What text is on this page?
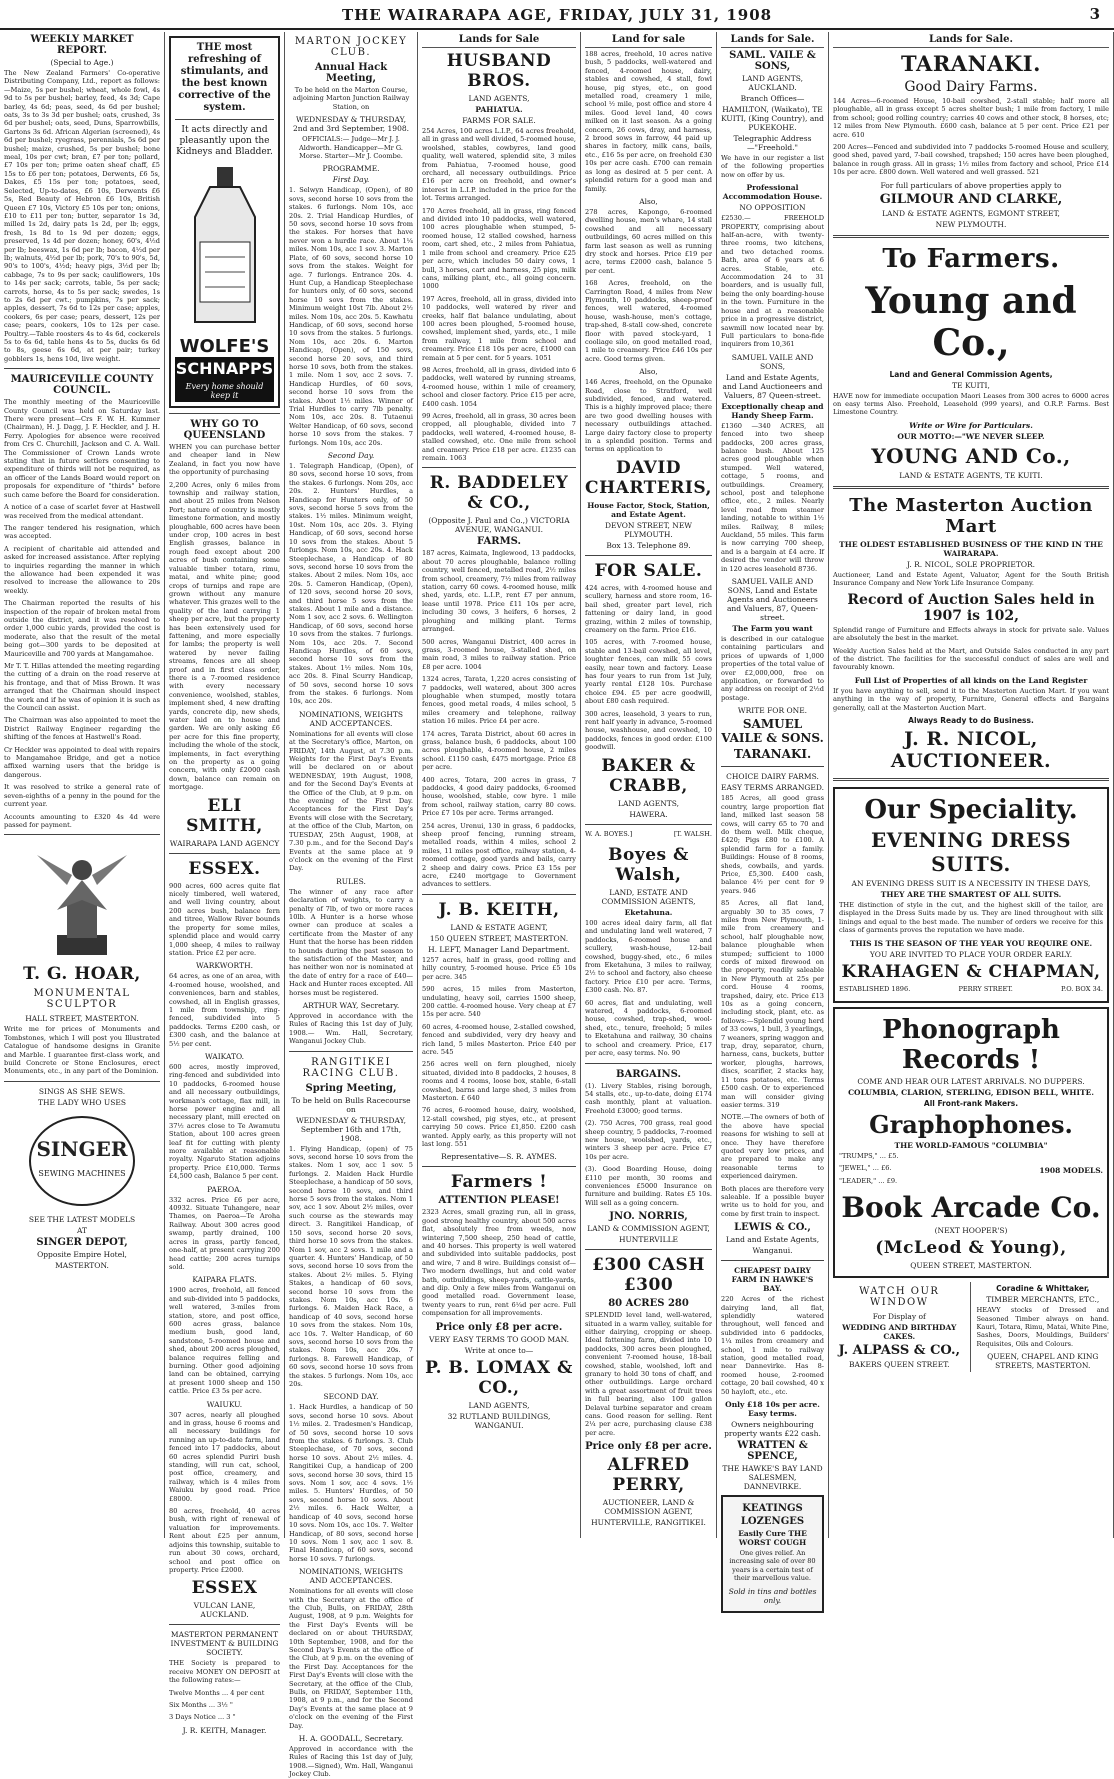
THE WAIRARAPA AGE, FRIDAY, JULY 31, 1908	3
WEEKLY MARKET REPORT.
(Special to Age.)

The New Zealand Farmers' Co-operative Distributing Company, Ltd., report as follows:—Maize, 5s per bushel; wheat, whole fowl, 4s 9d to 5s per bushel; barley, feed, 4s 3d; Cape barley, 4s 6d; peas, seed, 4s 6d per bushel; oats, 3s to 3s 3d per bushel; oats, crushed, 3s 6d per bushel; oats, seed, Duns, Sparrowbills, Gartons 3s 6d. African Algerian (screened), 4s 6d per bushel; ryegrass, perennials, 5s 6d per bushel; maize, crushed, 5s per bushel; bone meal, 10s per cwt; bran, £7 per ton; pollard, £7 10s per ton; prime oaten sheaf chaff, £5 15s to £6 per ton; potatoes, Derwents, £6 5s, Dakes, £5 15s per ton; potatoes, seed, Selected, Up-to-dates, £6 10s, Derwents £6 5s, Red Beauty of Hebron £6 10s, British Queen £7 10s, Victory £5 10s per ton; onions, £10 to £11 per ton; butter, separator 1s 3d, milled 1s 2d, dairy pats 1s 2d, per lb; eggs, fresh, 1s 8d to 1s 9d per dozen; eggs, preserved, 1s 4d per dozen; honey, 60's, 4½d per lb; beeswax, 1s 6d per lb; bacon, 4½d per lb; walnuts, 4½d per lb; pork, 70's to 90's, 5d, 90's to 100's, 4½d; heavy pigs, 3½d per lb; cabbage, 7s to 9s per sack; cauliflowers, 10s to 14s per sack; carrots, table, 5s per sack; carrots, horse, 4s to 5s per sack; swedes, 1s to 2s 6d per cwt.; pumpkins, 7s per sack; apples, dessert, 7s 6d to 12s per case; apples, cookers, 6s per case; pears, dessert, 12s per case; pears, cookers, 10s to 12s per case. Poultry.—Table roosters 4s to 4s 6d, cockerels 5s to 6s 6d, table hens 4s to 5s, ducks 6s 6d to 8s, geese 6s 6d, at per pair; turkey gobblers 1s, hens 10d, live weight.

MAURICEVILLE COUNTY COUNCIL.

The monthly meeting of the Mauriceville County Council was held on Saturday last. There were present—Crs F. W. H. Kummer (Chairman), H. J. Dagg, J. F. Heckler, and J. H. Ferry. Apologies for absence were received from Crs C. Churchill, Jackson and C. A. Wall. The Commissioner of Crown Lands wrote stating that in future settlers consenting to expenditure of thirds will not be required, as an officer of the Lands Board would report on proposals for expenditure of "thirds" before such came before the Board for consideration.

A notice of a case of scarlet fever at Hastwell was received from the medical attendant.

The ranger tendered his resignation, which was accepted.

A recipient of charitable aid attended and asked for increased assistance. After replying to inquiries regarding the manner in which the allowance had been expended it was resolved to increase the allowance to 20s weekly.

The Chairman reported the results of his inspection of the repair of broken metal from outside the district, and it was resolved to order 1,000 cubic yards, provided the cost is moderate, also that the result of the metal being got—300 yards to be deposited at Mauriceville and 700 yards at Mangamahoe.

Mr T. T. Hillas attended the meeting regarding the cutting of a drain on the road reserve at his frontage, and that of Miss Brown. It was arranged that the Chairman should inspect the work and if he was of opinion it is such as the Council can assist.

The Chairman was also appointed to meet the District Railway Engineer regarding the shifting of the fences at Hastwell's Road.

Cr Heckler was appointed to deal with repairs to Mangamahoe Bridge, and get a notice affixed warning users that the bridge is dangerous.

It was resolved to strike a general rate of seven-eighths of a penny in the pound for the current year.

Accounts amounting to £320 4s 4d were passed for payment.

T. G. HOAR,
MONUMENTAL SCULPTOR
HALL STREET, MASTERTON.

Write me for prices of Monuments and Tombstones, which I will post you Illustrated Catalogue of handsome designs in Granite and Marble. I guarantee first-class work, and build Concrete or Stone Enclosures, erect Monuments, etc., in any part of the Dominion.

SINGS AS SHE SEWS.
THE LADY WHO USES
SINGER
SEWING MACHINES
SEE THE LATEST MODELS
AT
SINGER DEPOT,
Opposite Empire Hotel,
MASTERTON.
THE most refreshing of stimulants, and the best known corrective of the system.
It acts directly and pleasantly upon the Kidneys and Bladder.
WOLFE'S
SCHNAPPS
Every home should keep it
WHY GO TO QUEENSLAND

WHEN you can purchase better and cheaper land in New Zealand, in fact you now have the opportunity of purchasing

2,200 Acres, only 6 miles from township and railway station, and about 25 miles from Nelson Port; nature of country is mostly limestone formation, and mostly ploughable, 600 acres have been under crop, 100 acres in best English grasses, balance in rough feed except about 200 acres of bush containing some valuable timber totara, rimu, matai, and white pine; good crops of turnips and rape are grown without any manure whatever. This grazes well to the quality of the land carrying 1 sheep per acre, but the property has been extensively used for fattening, and more especially for lambs; the property is well watered by never failing streams, fences are all sheep proof and in first class order, there is a 7-roomed residence with every necessary convenience, woolshed, stables, implement shed, 4 new drafting yards, concrete dip, new sheds, water laid on to house and garden. We are only asking £6 per acre for this fine property, including the whole of the stock, implements, in fact everything on the property as a going concern, with only £2000 cash down, balance can remain on mortgage.

ELI SMITH,
WAIRARAPA LAND AGENCY
ESSEX.

900 acres, 600 acres quite flat nicely timbered, well watered, and well living country, about 200 acres bush, balance fern and titree, Wallow River bounds the property for some miles, splendid place and would carry 1,000 sheep, 4 miles to railway station. Price £2 per acre.

WARKWORTH.

64 acres, as one of an area, with 4-roomed house, woolshed, and conveniences, barn and stables, cowshed, all in English grasses, 1 mile from township, ring-fenced, subdivided into 5 paddocks. Terms £200 cash, or £300 cash, and the balance at 5½ per cent.

WAIKATO.

600 acres, mostly improved, ring-fenced and subdivided into 10 paddocks, 6-roomed house and all necessary outbuildings, workman's cottage, flax mill, in horse power engine and all necessary plant, mill erected on 37½ acres close to Te Awamutu Station, about 100 acres green leaf fit for cutting with plenty more available at reasonable royalty. Ngaruto Station adjoins property. Price £10,000. Terms £4,500 cash, Balance 5 per cent.

PAEROA.

332 acres. Price £6 per acre, 40932. Situate Tuhangere, near Thames, on Paeroa—Te Aroha Railway. About 300 acres good swamp, partly drained, 100 acres in grass, partly fenced, one-half, at present carrying 200 head cattle; 200 acres turnips sold.

KAIPARA FLATS.

1900 acres, freehold, all fenced and sub-divided into 5 paddocks, well watered, 3-miles from station, store, and post office, 600 acres grass, balance medium bush, good land, sandstone, 5-roomed house and shed, about 200 acres ploughed, balance requires felling and burning. Other good adjoining land can be obtained, carrying at present 1000 sheep and 150 cattle. Price £3 5s per acre.

WAIUKU.

307 acres, nearly all ploughed and in grass, house 6 rooms and all necessary buildings for running an up-to-date farm, land fenced into 17 paddocks, about 60 acres splendid Puriri bush standing, will run cat, school, post office, creamery, and railway, which is 4 miles from Waiuku by good road. Price £8000.

80 acres, freehold, 40 acres bush, with right of renewal of valuation for improvements. Rent about £25 per annum, adjoins this township, suitable to run about 30 cows, orchard, school and post office on property. Price £2000.

ESSEX
VULCAN LANE, AUCKLAND.
MASTERTON PERMANENT INVESTMENT & BUILDING SOCIETY.

THE Society is prepared to receive MONEY ON DEPOSIT at the following rates:—

Twelve Months ... 4 per cent
Six Months ... 3½ "
3 Days Notice ... 3 "
J. R. KEITH, Manager.
MARTON JOCKEY CLUB.
Annual Hack Meeting,

To be held on the Marton Course, adjoining Marton Junction Railway Station, on

WEDNESDAY & THURSDAY, 2nd and 3rd September, 1908.

OFFICIALS:— Judge—Mr J. J. Aldworth. Handicapper—Mr G. Morse. Starter—Mr J. Coombe.

PROGRAMME.
First Day.

1. Selwyn Handicap, (Open), of 80 sovs, second horse 10 sovs from the stakes. 6 furlongs. Nom 10s, acc 20s. 2. Trial Handicap Hurdles, of 50 sovs, second horse 10 sovs from the stakes. For horses that have never won a hurdle race. About 1¼ miles. Nom 10s, acc 1 sov. 3. Marton Plate, of 60 sovs, second horse 10 sovs from the stakes. Weight for age. 7 furlongs. Entrance 20s. 4. Hunt Cup, a Handicap Steeplechase for hunters only, of 60 sovs, second horse 10 sovs from the stakes. Minimum weight 10st 7lb. About 2½ miles. Nom 10s, acc 20s. 5. Kawhatu Handicap, of 60 sovs, second horse 10 sovs from the stakes. 5 furlongs. Nom 10s, acc 20s. 6. Marton Handicap, (Open), of 150 sovs, second horse 20 sovs, and third horse 10 sovs, both from the stakes. 1 mile. Nom 1 sov, acc 2 sovs. 7. Handicap Hurdles, of 60 sovs, second horse 10 sovs from the stakes. About 1½ miles. Winner of Trial Hurdles to carry 7lb penalty. Nom 10s, acc 20s. 8. Tutaenui Welter Handicap, of 60 sovs, second horse 10 sovs from the stakes. 7 furlongs. Nom 10s, acc 20s.

Second Day.

1. Telegraph Handicap, (Open), of 80 sovs, second horse 10 sovs, from the stakes. 6 furlongs. Nom 20s, acc 20s. 2. Hunters' Hurdles, a Handicap for Hunters only, of 50 sovs, second horse 5 sovs from the stakes. 1½ miles. Minimum weight, 10st. Nom 10s, acc 20s. 3. Flying Handicap, of 60 sovs, second horse 10 sovs from the stakes. About 5 furlongs. Nom 10s, acc 20s. 4. Hack Steeplechase, a Handicap of 80 sovs, second horse 10 sovs from the stakes. About 2 miles. Nom 10s, acc 20s. 5. Cameron Handicap, (Open), of 120 sovs, second horse 20 sovs, and third horse 5 sovs from the stakes. About 1 mile and a distance. Nom 1 sov, acc 2 sovs. 6. Wellington Handicap, of 60 sovs, second horse 10 sovs from the stakes. 7 furlongs. Nom 10s, acc 20s. 7. Second Handicap Hurdles, of 60 sovs, second horse 10 sovs from the stakes. About 1½ miles. Nom 10s, acc 20s. 8. Final Scurry Handicap, of 50 sovs, second horse 10 sovs from the stakes. 6 furlongs. Nom 10s, acc 20s.

NOMINATIONS, WEIGHTS AND ACCEPTANCES.

Nominations for all events will close at the Secretary's office, Marton, on FRIDAY, 14th August, at 7.30 p.m. Weights for the First Day's Events will be declared on or about WEDNESDAY, 19th August, 1908, and for the Second Day's Events at the Office of the Club, at 9 p.m. on the evening of the First Day. Acceptances for the First Day's Events will close with the Secretary, at the office of the Club, Marton, on TUESDAY, 25th August, 1908, at 7.30 p.m., and for the Second Day's Events at the same place at 9 o'clock on the evening of the First Day.

RULES.

The winner of any race after declaration of weights, to carry a penalty of 7lb, of two or more races 10lb. A Hunter is a horse whose owner can produce at scales a certificate from the Master of any Hunt that the horse has been ridden to hounds during the past season to the satisfaction of the Master, and has neither won nor is nominated at the date of entry for a race of £40—Hack and Hunter races excepted. All horses must be registered.

ARTHUR WAY, Secretary.

Approved in accordance with the Rules of Racing this 1st day of July, 1908.— Wm. Hall, Secretary, Wanganui Jockey Club.

RANGITIKEI RACING CLUB.
Spring Meeting,
To be held on Bulls Racecourse on
WEDNESDAY & THURSDAY, September 16th and 17th, 1908.

1. Flying Handicap, (open) of 75 sovs, second horse 10 sovs from the stakes. Nom 1 sov, acc 1 sov. 5 furlongs. 2. Maiden Hack Hurdle Steeplechase, a handicap of 50 sovs, second horse 10 sovs, and third horse 5 sovs from the stakes. Nom 1 sov, acc 1 sov. About 2½ miles, over such course as the stewards may direct. 3. Rangitikei Handicap, of 150 sovs, second horse 20 sovs, third horse 10 sovs from the stakes. Nom 1 sov, acc 2 sovs. 1 mile and a quarter. 4. Hunters' Handicap, of 50 sovs, second horse 10 sovs from the stakes. About 2½ miles. 5. Flying Stakes, a handicap of 60 sovs, second horse 10 sovs from the stakes. Nom 10s, acc 10s. 6 furlongs. 6. Maiden Hack Race, a handicap of 40 sovs, second horse 10 sovs from the stakes. Nom 10s, acc 10s. 7. Welter Handicap, of 60 sovs, second horse 10 sovs from the stakes. Nom 10s, acc 20s. 7 furlongs. 8. Farewell Handicap, of 60 sovs, second horse 10 sovs from the stakes. 5 furlongs. Nom 10s, acc 20s.

SECOND DAY.

1. Hack Hurdles, a handicap of 50 sovs, second horse 10 sovs. About 1½ miles. 2. Tradesmen's Handicap, of 50 sovs, second horse 10 sovs from the stakes. 6 furlongs. 3. Club Steeplechase, of 70 sovs, second horse 10 sovs. About 2½ miles. 4. Rangitikei Cup, a handicap of 200 sovs, second horse 30 sovs, third 15 sovs. Nom 1 sov, acc 4 sovs. 1½ miles. 5. Hunters' Hurdles, of 50 sovs, second horse 10 sovs. About 2½ miles. 6. Hack Welter, a handicap of 40 sovs, second horse 10 sovs. Nom 10s, acc 10s. 7. Welter Handicap, of 80 sovs, second horse 10 sovs. Nom 1 sov, acc 1 sov. 8. Final Handicap, of 60 sovs, second horse 10 sovs. 7 furlongs.

NOMINATIONS, WEIGHTS AND ACCEPTANCES.

Nominations for all events will close with the Secretary at the office of the Club, Bulls, on FRIDAY, 28th August, 1908, at 9 p.m. Weights for the First Day's Events will be declared on or about THURSDAY, 10th September, 1908, and for the Second Day's Events at the office of the Club, at 9 p.m. on the evening of the First Day. Acceptances for the First Day's Events will close with the Secretary, at the office of the Club, Bulls, on FRIDAY, September 11th, 1908, at 9 p.m., and for the Second Day's Events at the same place at 9 o'clock on the evening of the First Day.

H. A. GOODALL, Secretary.

Approved in accordance with the Rules of Racing this 1st day of July, 1908.—Signed), Wm. Hall, Wanganui Jockey Club.

Lands for Sale
HUSBAND BROS.
LAND AGENTS,
PAHIATUA.
FARMS FOR SALE.

254 Acres, 100 acres L.I.P., 64 acres freehold, all in grass and well divided, 5-roomed house, woolshed, stables, cowbyres, land good quality, well watered, splendid site, 3 miles from Pahiatua, 7-roomed house, good orchard, all necessary outbuildings. Price £16 per acre on freehold, and owner's interest in L.I.P. included in the price for the lot. Terms arranged.

170 Acres freehold, all in grass, ring fenced and divided into 10 paddocks, well watered, 100 acres ploughable when stumped, 5-roomed house, 12 stalled cowshed, harness room, cart shed, etc., 2 miles from Pahiatua, 1 mile from school and creamery. Price £25 per acre, which includes 50 dairy cows, 1 bull, 3 horses, cart and harness, 25 pigs, milk cans, milking plant, etc., all going concern. 1000

197 Acres, freehold, all in grass, divided into 10 paddocks, well watered by river and creeks, half flat balance undulating, about 100 acres been ploughed, 5-roomed house, cowshed, implement shed, yards, etc., 1 mile from railway, 1 mile from school and creamery. Price £18 10s per acre, £1000 can remain at 5 per cent. for 5 years. 1051

98 Acres, freehold, all in grass, divided into 6 paddocks, well watered by running streams, 4-roomed house, within 1 mile of creamery, school and closer factory. Price £15 per acre, £400 cash. 1054

99 Acres, freehold, all in grass, 30 acres been cropped, all ploughable, divided into 7 paddocks, well watered, 4-roomed house, 8-stalled cowshed, etc. One mile from school and creamery. Price £18 per acre. £1235 can remain. 1063

R. BADDELEY & CO.,
(Opposite J. Paul and Co.,) VICTORIA AVENUE, WANGANUI.
FARMS.

187 acres, Kaimata, Inglewood, 13 paddocks, about 70 acres ploughable, balance rolling country, well fenced, metalled road, 2½ miles from school, creamery, 7½ miles from railway station, carry 60 cows. 4-roomed house, milk shed, yards, etc. L.I.P., rent £7 per annum, lease until 1978. Price £11 10s per acre, including 30 cows, 3 heifers, 6 horses, 2 ploughing and milking plant. Terms arranged.

500 acres, Wanganui District, 400 acres in grass, 3-roomed house, 3-stalled shed, on main road, 3 miles to railway station. Price £8 per acre. 1004

1324 acres, Tarata, 1,220 acres consisting of 7 paddocks, well watered, about 300 acres ploughable when stumped, mostly totara fences, good metal roads, 4 miles school, 5 miles creamery and telephone, railway station 16 miles. Price £4 per acre.

174 acres, Tarata District, about 60 acres in grass, balance bush, 6 paddocks, about 100 acres ploughable, 4-roomed house, 2 miles school. £1150 cash, £475 mortgage. Price £8 per acre.

400 acres, Totara, 200 acres in grass, 7 paddocks, 4 good dairy paddocks, 6-roomed house, woolshed, stable, cow byre. 1 mile from school, railway station, carry 80 cows. Price £7 10s per acre. Terms arranged.

254 acres, Urenui, 130 in grass, 6 paddocks, sheep proof fencing, running stream, metalled roads, within 4 miles, school 2 miles, 11 miles post office, railway station, 4-roomed cottage, good yards and bails, carry 2 sheep and dairy cows. Price £3 15s per acre, £240 mortgage to Government advances to settlers.

J. B. KEITH,
LAND & ESTATE AGENT,
150 QUEEN STREET, MASTERTON.
H. LEFT, Manager Land Department.

1257 acres, half in grass, good rolling and hilly country, 5-roomed house. Price £5 10s per acre. 345

590 acres, 15 miles from Masterton, undulating, heavy soil, carries 1500 sheep, 200 cattle. 4-roomed house. Very cheap at £7 15s per acre. 540

60 acres, 4-roomed house, 2-stalled cowshed, fenced and subdivided, very dry heavy and rich land, 5 miles Masterton. Price £40 per acre. 545

256 acres well on fern ploughed, nicely situated, divided into 8 paddocks, 2 houses, 8 rooms and 4 rooms, loose box, stable, 6-stall cowshed, barns and large shed, 3 miles from Masterton. £ 640

76 acres, 6-roomed house, dairy, woolshed, 12-stall cowshed, pig styes, etc., at present carrying 50 cows. Price £1,850. £200 cash wanted. Apply early, as this property will not last long. 551

Representative—S. R. AYMES.
Farmers !
ATTENTION PLEASE!

2323 Acres, small grazing run, all in grass, good strong healthy country, about 500 acres flat, absolutely free from weeds, now wintering 7,500 sheep, 250 head of cattle, and 40 horses. This property is well watered and subdivided into suitable paddocks, post and wire, 7 and 8 wire. Buildings consist of—Two modern dwellings, hut and cold water bath, outbuildings, sheep-yards, cattle-yards, and dip. Only a few miles from Wanganui on good metalled road. Government lease, twenty years to run, rent 6¼d per acre. Full compensation for all improvements.

Price only £8 per acre.
VERY EASY TERMS TO GOOD MAN.
Write at once to—
P. B. LOMAX & CO.,
LAND AGENTS,
32 RUTLAND BUILDINGS, WANGANUI.
Land for sale

188 acres, freehold, 10 acres native bush, 5 paddocks, well-watered and fenced, 4-roomed house, dairy, stables and cowshed, 4 stall, fowl house, pig styes, etc., on good metalled road, creamery 1 mile, school ½ mile, post office and store 4 miles. Good level land, 40 cows milked on it last season. As a going concern, 26 cows, dray, and harness, 2 brood sows in farrow, 44 paid up shares in factory, milk cans, bails, etc., £16 5s per acre, on freehold £30 10s per acre cash. £700 can remain as long as desired at 5 per cent. A splendid return for a good man and family.

Also,

278 acres, Kapongo, 6-roomed dwelling house, men's whare, 14 stall cowshed and all necessary outbuildings, 60 acres milled on this farm last season as well as running dry stock and horses. Price £19 per acre, terms £2000 cash, balance 5 per cent.

168 Acres, freehold, on the Carrington Road, 4 miles from New Plymouth, 10 paddocks, sheep-proof fences, well watered, 4-roomed house, wash-house, men's cottage, trap-shed, 8-stall cow-shed, concrete floor with paved stock-yard, 1 cooliage silo, on good metalled road, 1 mile to creamery. Price £46 10s per acre. Good terms given.

Also,

146 Acres, freehold, on the Opunake Road, close to Stratford, well subdivided, fenced, and watered. This is a highly improved place; there are two good dwelling houses with necessary outbuildings attached. Large dairy factory close to property in a splendid position. Terms and terms on application to

DAVID CHARTERIS,
House Factor, Stock, Station, and Estate Agent.
DEVON STREET, NEW PLYMOUTH.
Box 13. Telephone 89.
FOR SALE.

424 acres, with 4-roomed house and scullery, harness and store room, 16-bail shed, greater part level, rich fattening or dairy land, in good grazing, within 2 miles of township, creamery on the farm. Price £16.

105 acres, with 7-roomed house, stable and 13-bail cowshed, all level, loughter fences, can milk 55 cows easily, near town and factory. Lease has four years to run from 1st July, yearly rental £128 10s. Purchase choice £94. £5 per acre goodwill, about £80 cash required.

300 acres, leasehold, 3 years to run, rent half yearly in advance, 5-roomed house, washhouse, and cowshed, 10 paddocks, fences in good order. £100 goodwill.

BAKER & CRABB,
LAND AGENTS,
HAWERA.
W. A. BOYES.]	[T. WALSH.
Boyes & Walsh,
LAND, ESTATE AND COMMISSION AGENTS,
Eketahuna.

100 acres ideal dairy farm, all flat and undulating land well watered, 7 paddocks, 6-roomed house and scullery, wash-house, 12-bail cowshed, buggy-shed, etc., 6 miles from Eketahuna, 3 miles to railway, 2½ to school and factory, also cheese factory. Price £10 per acre. Terms, £300 cash. No. 87.

60 acres, flat and undulating, well watered, 4 paddocks, 6-roomed house, cowshed, trap-shed, wool-shed, etc., tenure, freehold; 5 miles to Eketahuna and railway, 30 chains to school and creamery. Price, £17 per acre, easy terms. No. 90

BARGAINS.

(1). Livery Stables, rising borough, 54 stalls, etc., up-to-date, doing £174 cash monthly, plant at valuation. Freehold £3000; good terms.

(2). 750 Acres, 700 grass, real good sheep country, 5 paddocks, 7-roomed new house, woolshed, yards, etc., winters 3 sheep per acre. Price £7 10s per acre.

(3). Good Boarding House, doing £110 per month, 30 rooms and conveniences £5000 Insurance on furniture and building. Rates £5 10s. Will sell as a going concern.

JNO. NORRIS,
LAND & COMMISSION AGENT,
HUNTERVILLE
£300 CASH £300
80 ACRES 280

SPLENDID level land, well-watered, situated in a warm valley, suitable for either dairying, cropping or sheep. Ideal fattening farm, divided into 10 paddocks, 300 acres been ploughed, convenient 7-roomed house, 18-bail cowshed, stable, woolshed, loft and granary to hold 30 tons of chaff, and other outbuildings. Large orchard with a great assortment of fruit trees in full bearing, also 100 gallon Delaval turbine separator and cream cans. Good reason for selling. Rent 2¼ per acre, purchasing clause £38 per acre.

Price only £8 per acre.
ALFRED PERRY,
AUCTIONEER, LAND & COMMISSION AGENT,
HUNTERVILLE, RANGITIKEI.
Lands for Sale.
SAML. VAILE & SONS,
LAND AGENTS, AUCKLAND.
Branch Offices—
HAMILTON, (Waikato), TE KUITI, (King Country), and PUKEKOHE.
Telegraphic Address—"Freehold."

We have in our register a list of the following properties now on offer by us.

Professional Accommodation House.
NO OPPOSITION

£2530.— FREEHOLD PROPERTY, comprising about half-an-acre, with twenty-three rooms, two kitchens, and two detached rooms. Bath, area of 6 years at 6 acres. Stable, etc. Accommodation 24 to 31 boarders, and is usually full, being the only boarding-house in the town. Furniture in the house and at a reasonable price in a progressive district, sawmill now located near by. Full particulars to bona-fide inquirers from 10,361

SAMUEL VAILE AND SONS,
Land and Estate Agents, and Land Auctioneers and Valuers, 87 Queen-street.
Exceptionally cheap and Handy Sheep Farm.

£1360 —340 ACRES, all fenced into two sheep paddocks, 200 acres grass, balance bush. About 125 acres good ploughable when stumped. Well watered, cottage, 5 rooms, and outbuildings. Creamery, school, post and telephone office, etc., 2 miles. Nearly level road from steamer landing, notable to within 1½ miles. Railway, 8 miles; Auckland, 55 miles. This farm is now carrying 700 sheep, and is a bargain at £4 acre. If desired the vendor will throw in 120 acres leasehold 8736.

SAMUEL VAILE AND SONS, Land and Estate Agents and Auctioneers and Valuers, 87, Queen-street.
The Farm you want

is described in our catalogue containing particulars and prices of upwards of 1,000 properties of the total value of over £2,000,000, free on application, or forwarded to any address on receipt of 2½d postage.

WRITE FOR ONE.
SAMUEL VAILE & SONS.
TARANAKI.
CHOICE DAIRY FARMS.
EASY TERMS ARRANGED.

185 Acres, all good grass country, large proportion flat land, milked last season 58 cows, will carry 65 to 70 and do them well. Milk cheque, £420; Pigs £80 to £100. A splendid farm for a family. Buildings: House of 8 rooms, sheds, cowbails, and yards. Price, £5,300. £400 cash, balance 4½ per cent for 9 years. 946

85 Acres, all flat land, arguably 30 to 35 cows, 7 miles from New Plymouth, 1-mile from creamery and school, half ploughable now, balance ploughable when stumped; sufficient to 1000 cords of mixed firewood on the property, readily saleable in New Plymouth at 25s per cord. House 4 rooms, trapshed, dairy, etc. Price £13 10s as a going concern, including stock, plant, etc. as follows:—Splendid young herd of 33 cows, 1 bull, 3 yearlings, 7 weaners, spring waggon and trap, dray, separator, churn, harness, cans, buckets, butter worker, ploughs, harrows, discs, scarifier, 2 stacks hay, 11 tons potatoes, etc. Terms £500 cash. Or to experienced man will consider giving easier terms. 319

NOTE.—The owners of both of the above have special reasons for wishing to sell at once. They have therefore quoted very low prices, and are prepared to make any reasonable terms to experienced dairymen.

Both places are therefore very saleable. If a possible buyer write us to hold for you, and come by first train to inspect.

LEWIS & CO.,
Land and Estate Agents,
Wanganui.
CHEAPEST DAIRY FARM IN HAWKE'S BAY.

220 Acres of the richest dairying land, all flat, splendidly watered throughout, well fenced and subdivided into 6 paddocks, 1¼ miles from creamery and school, 1 mile to railway station, good metalled road, near Dannevirke. Has 8-roomed house, 2-roomed cottage, 20 bail cowshed, 40 x 50 hayloft, etc., etc.

Only £18 10s per acre. Easy terms.
Owners neighbouring property wants £22 cash.
WRATTEN & SPENCE,
THE HAWKE'S BAY LAND SALESMEN, DANNEVIRKE.
KEATINGS
LOZENGES
Easily Cure THE WORST COUGH

One gives relief. An increasing sale of over 80 years is a certain test of their marvellous value.

Sold in tins and bottles only.
Lands for Sale.
TARANAKI.
Good Dairy Farms.

144 Acres—6-roomed House, 10-bail cowshed, 2-stall stable; half more all ploughable, all in grass except 5 acres shelter bush; 1 mile from factory, 1 mile from school; good rolling country; carries 40 cows and other stock, 8 horses, etc; 12 miles from New Plymouth. £600 cash, balance at 5 per cent. Price £21 per acre. 610

200 Acres—Fenced and subdivided into 7 paddocks 5-roomed House and scullery, good shed, paved yard, 7-bail cowshed, trapshed; 150 acres have been ploughed, balance in rough grass. All in grass; 1½ miles from factory and school, Price £14 10s per acre. £800 down. Well watered and well grassed. 521

For full particulars of above properties apply to
GILMOUR AND CLARKE,
LAND & ESTATE AGENTS, EGMONT STREET,
NEW PLYMOUTH.
To Farmers.
Young and Co.,
Land and General Commission Agents,
TE KUITI,

HAVE now for immediate occupation Maori Leases from 300 acres to 6000 acres on easy terms Also. Freehold, Leasehold (999 years), and O.R.P. Farms. Best Limestone Country.

Write or Wire for Particulars.
OUR MOTTO:—"WE NEVER SLEEP.
YOUNG AND Co.,
LAND & ESTATE AGENTS, TE KUITI.
The Masterton Auction Mart
THE OLDEST ESTABLISHED BUSINESS OF THE KIND IN THE WAIRARAPA.
J. R. NICOL, SOLE PROPRIETOR.

Auctioneer, Land and Estate Agent, Valuator, Agent for the South British Insurance Company and New York Life Insurance Company.

Record of Auction Sales held in 1907 is 102,

Splendid range of Furniture and Effects always in stock for private sale. Values are absolutely the best in the market.

Weekly Auction Sales held at the Mart, and Outside Sales conducted in any part of the district. The facilities for the successful conduct of sales are well and favourably known.

Full List of Properties of all kinds on the Land Register

If you have anything to sell, send it to the Masterton Auction Mart. If you want anything in the way of property, Furniture, General effects and Bargains generally, call at the Masterton Auction Mart.

Always Ready to do Business.
J. R. NICOL, AUCTIONEER.
Our Speciality.
EVENING DRESS SUITS.
AN EVENING DRESS SUIT IS A NECESSITY IN THESE DAYS,
THEY ARE THE SMARTEST OF ALL SUITS.

THE distinction of style in the cut, and the highest skill of the tailor, are displayed in the Dress Suits made by us. They are lined throughout with silk linings and equal to the best made. The number of orders we receive for this class of garments proves the reputation we have made.

THIS IS THE SEASON OF THE YEAR YOU REQUIRE ONE.
YOU ARE INVITED TO PLACE YOUR ORDER EARLY.
KRAHAGEN & CHAPMAN,
ESTABLISHED 1896.	PERRY STREET.	P.O. BOX 34.
Phonograph Records !
COME AND HEAR OUR LATEST ARRIVALS. NO DUPPERS.
COLUMBIA, CLARION, STERLING, EDISON BELL, WHITE.
All Front-rank Makers.
Graphophones.
THE WORLD-FAMOUS "COLUMBIA"
"TRUMPS," ... £5.
"JEWEL," ... £6.
"LEADER," ... £9.
1908 MODELS.
Book Arcade Co.
(NEXT HOOPER'S)
(McLeod & Young),
QUEEN STREET, MASTERTON.
WATCH OUR WINDOW
For Display of
WEDDING AND BIRTHDAY CAKES.
J. ALPASS & CO.,
BAKERS QUEEN STREET.
Coradine & Whittaker,
TIMBER MERCHANTS, ETC.,

HEAVY stocks of Dressed and Seasoned Timber always on hand. Kauri, Totara, Rimu, Matai, White Pine, Sashes, Doors, Mouldings, Builders' Requisites, Oils and Colours.

QUEEN, CHAPEL AND KING STREETS, MASTERTON.
